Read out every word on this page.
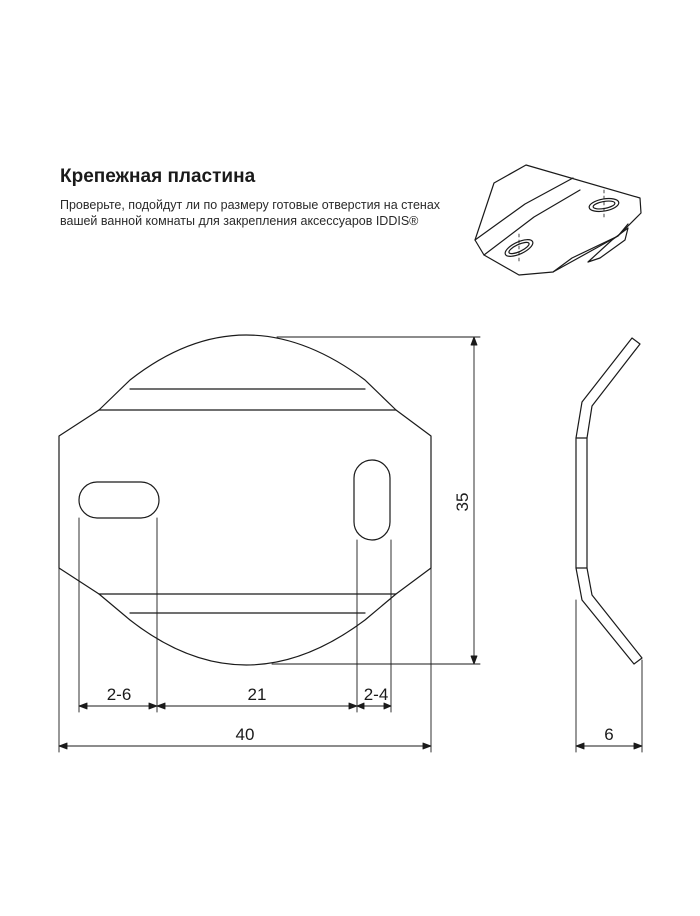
Крепежная пластина
Проверьте, подойдут ли по размеру готовые отверстия на стенах
вашей ванной комнаты для закрепления аксессуаров IDDIS®
2-6	21	2-4
40
35
6
